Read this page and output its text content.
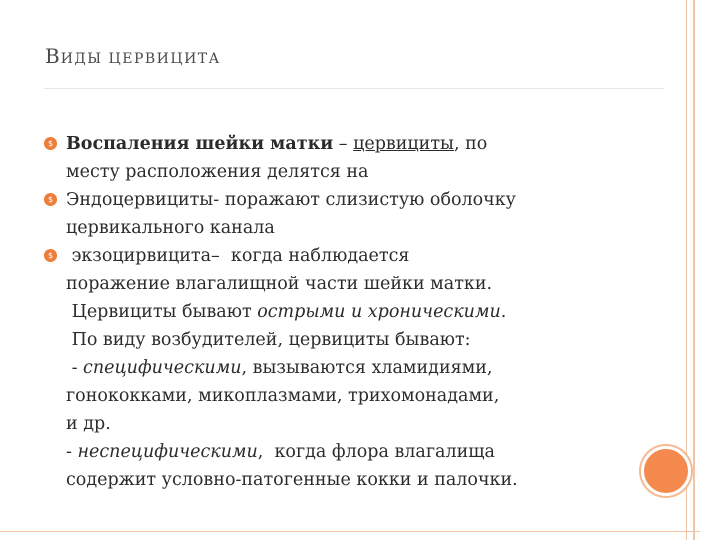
ВИДЫ ЦЕРВИЦИТА
$ Воспаления шейки матки – цервициты, по
месту расположения делятся на
$ Эндоцервициты- поражают слизистую оболочку
цервикального канала
$ экзоцирвицита–  когда наблюдается
поражение влагалищной части шейки матки.
Цервициты бывают острыми и хроническими.
По виду возбудителей, цервициты бывают:
- специфическими, вызываются хламидиями,
гонококками, микоплазмами, трихомонадами,
и др.
- неспецифическими,  когда флора влагалища
содержит условно-патогенные кокки и палочки.
